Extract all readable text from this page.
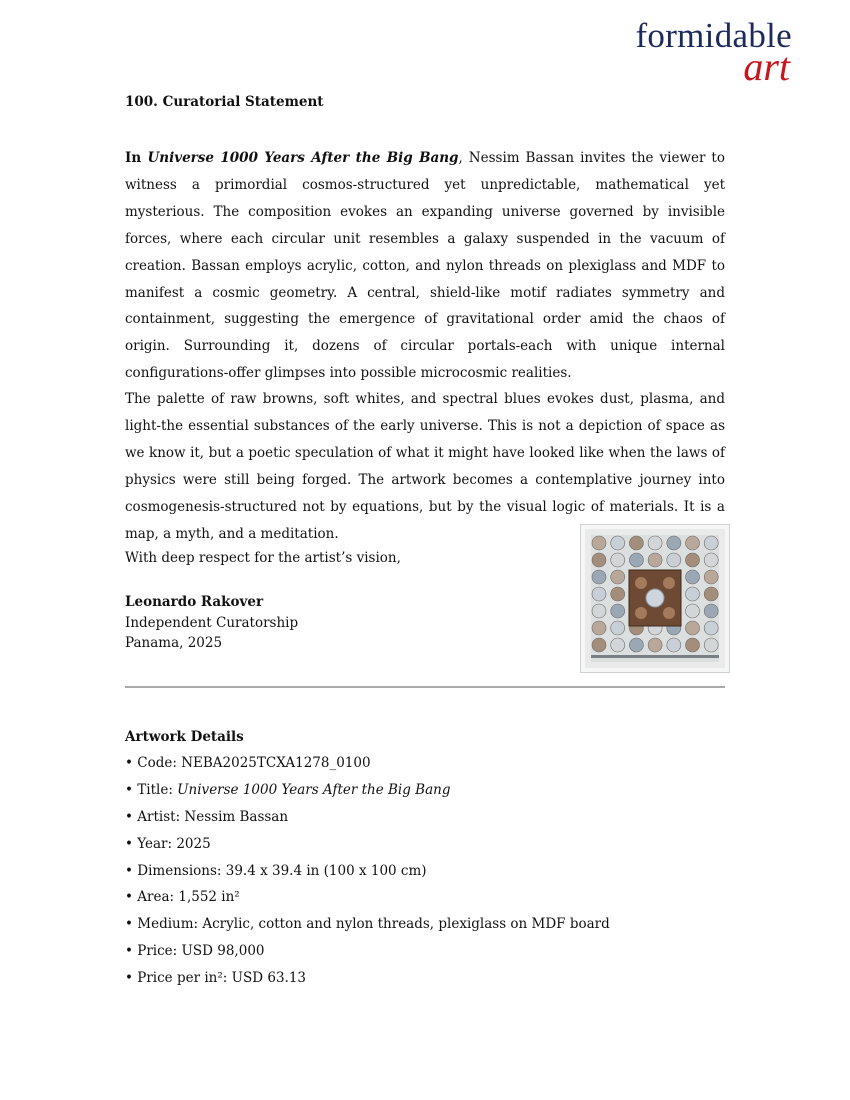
formidable
art
100. Curatorial Statement
In Universe 1000 Years After the Big Bang, Nessim Bassan invites the viewer to witness a primordial cosmos-structured yet unpredictable, mathematical yet mysterious. The composition evokes an expanding universe governed by invisible forces, where each circular unit resembles a galaxy suspended in the vacuum of creation. Bassan employs acrylic, cotton, and nylon threads on plexiglass and MDF to manifest a cosmic geometry. A central, shield-like motif radiates symmetry and containment, suggesting the emergence of gravitational order amid the chaos of origin. Surrounding it, dozens of circular portals-each with unique internal configurations-offer glimpses into possible microcosmic realities.
The palette of raw browns, soft whites, and spectral blues evokes dust, plasma, and light-the essential substances of the early universe. This is not a depiction of space as we know it, but a poetic speculation of what it might have looked like when the laws of physics were still being forged. The artwork becomes a contemplative journey into cosmogenesis-structured not by equations, but by the visual logic of materials. It is a map, a myth, and a meditation.
With deep respect for the artist’s vision,
Leonardo Rakover
Independent Curatorship
Panama, 2025
Artwork Details
• Code: NEBA2025TCXA1278_0100
• Title: Universe 1000 Years After the Big Bang
• Artist: Nessim Bassan
• Year: 2025
• Dimensions: 39.4 x 39.4 in (100 x 100 cm)
• Area: 1,552 in²
• Medium: Acrylic, cotton and nylon threads, plexiglass on MDF board
• Price: USD 98,000
• Price per in²: USD 63.13
